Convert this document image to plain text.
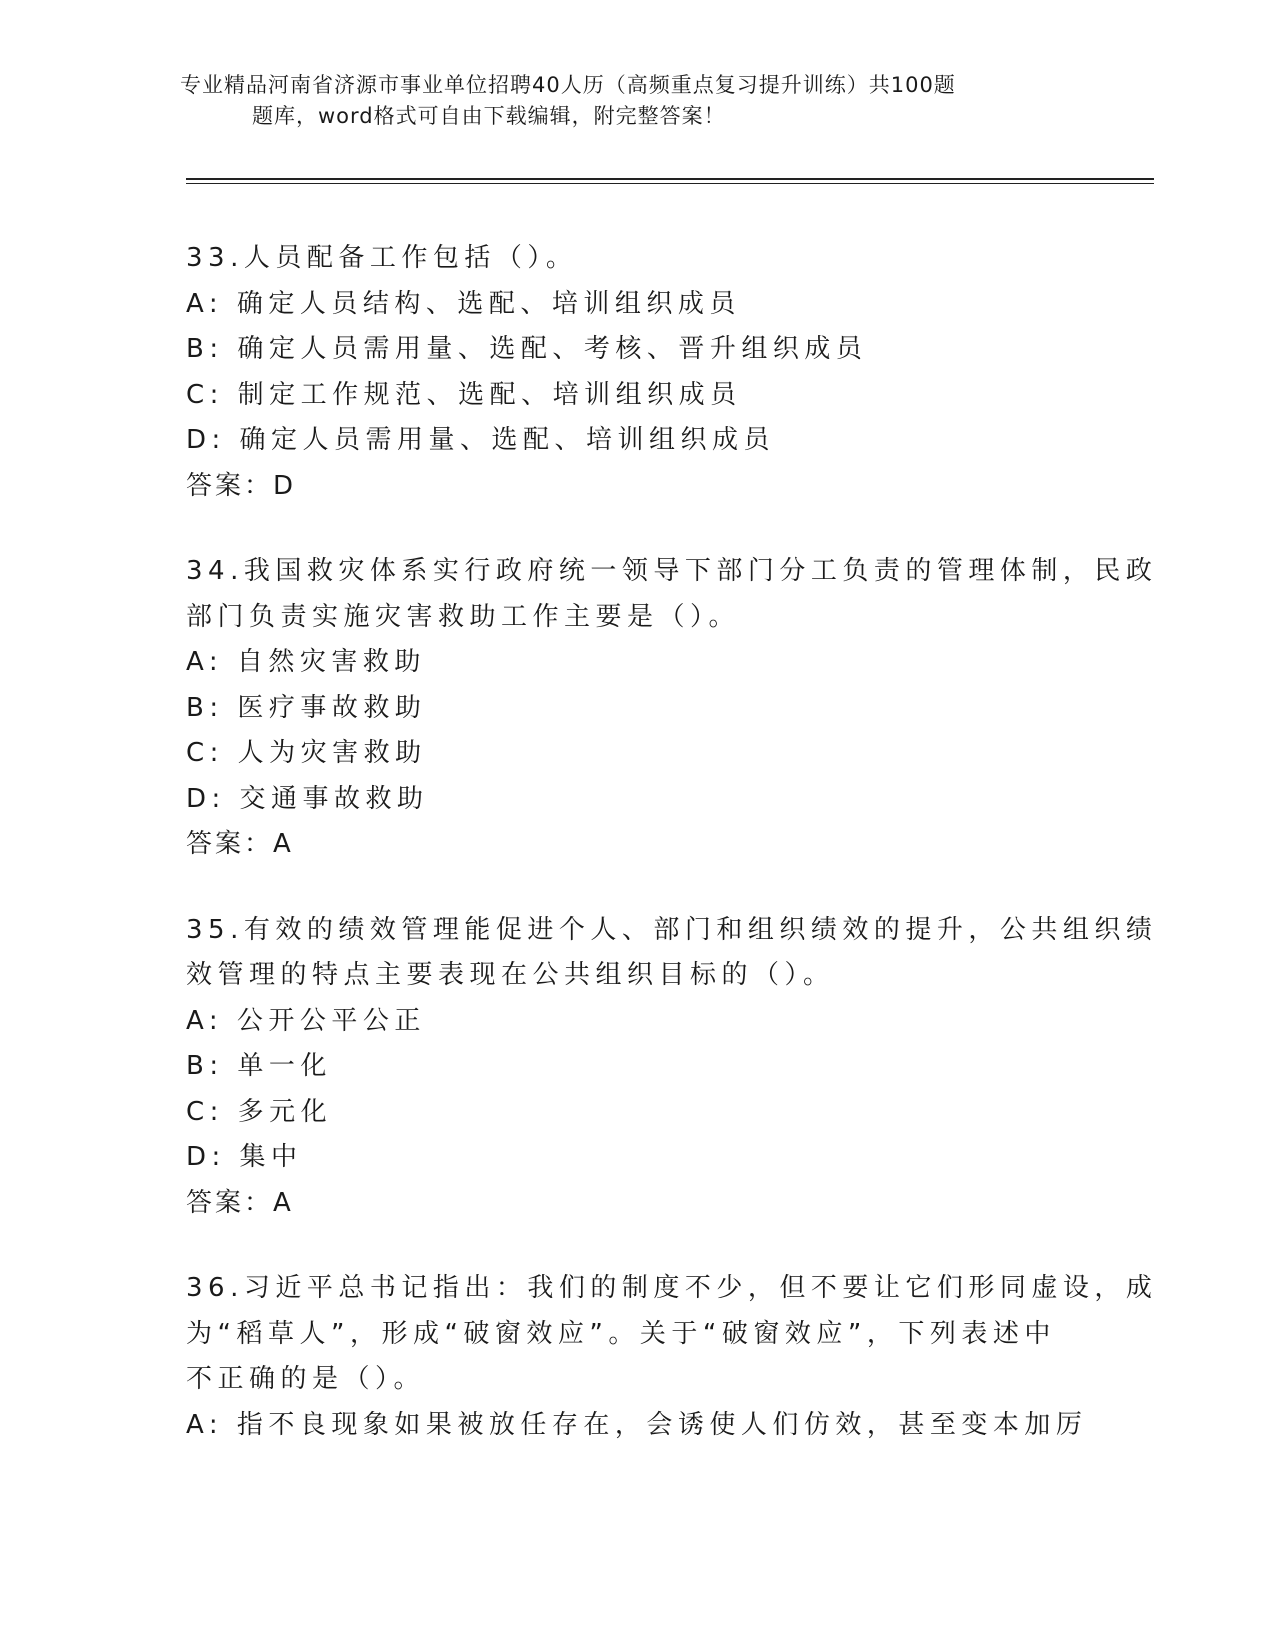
专业精品河南省济源市事业单位招聘40人历（高频重点复习提升训练）共100题
题库，word格式可自由下载编辑，附完整答案！
33.人员配备工作包括（）。
A: 确定人员结构、选配、培训组织成员
B: 确定人员需用量、选配、考核、晋升组织成员
C: 制定工作规范、选配、培训组织成员
D: 确定人员需用量、选配、培训组织成员
答案：D
34.我国救灾体系实行政府统一领导下部门分工负责的管理体制，民政
部门负责实施灾害救助工作主要是（）。
A: 自然灾害救助
B: 医疗事故救助
C: 人为灾害救助
D: 交通事故救助
答案：A
35.有效的绩效管理能促进个人、部门和组织绩效的提升，公共组织绩
效管理的特点主要表现在公共组织目标的（）。
A: 公开公平公正
B: 单一化
C: 多元化
D: 集中
答案：A
36.习近平总书记指出：我们的制度不少，但不要让它们形同虚设，成
为“稻草人”，形成“破窗效应”。关于“破窗效应”，下列表述中
不正确的是（）。
A: 指不良现象如果被放任存在，会诱使人们仿效，甚至变本加厉
